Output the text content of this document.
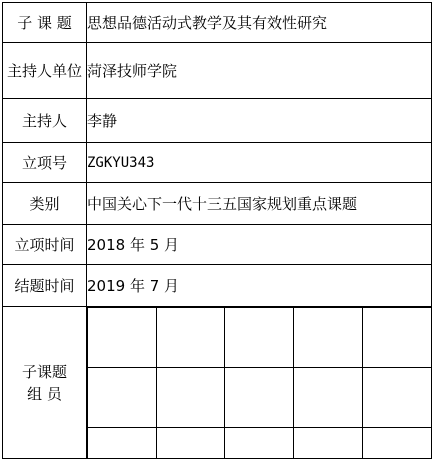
子 课 题	思想品德活动式教学及其有效性研究
主持人单位	菏泽技师学院
主持人	李静
立项号	ZGKYU343
类别	中国关心下一代十三五国家规划重点课题
立项时间	2018 年 5 月
结题时间	2019 年 7 月

子课题
组 员
